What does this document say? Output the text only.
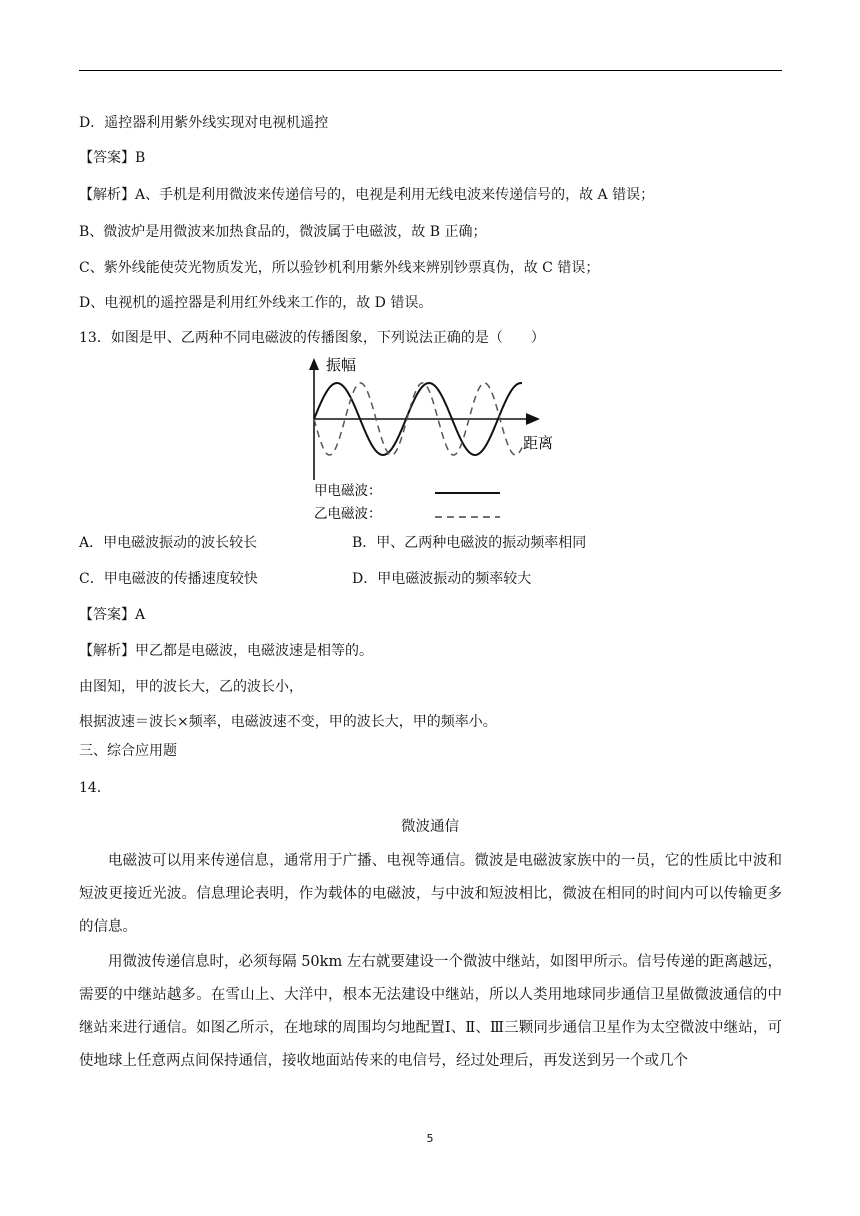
D．遥控器利用紫外线实现对电视机遥控
【答案】B
【解析】A、手机是利用微波来传递信号的，电视是利用无线电波来传递信号的，故 A 错误；
B、微波炉是用微波来加热食品的，微波属于电磁波，故 B 正确；
C、紫外线能使荧光物质发光，所以验钞机利用紫外线来辨别钞票真伪，故 C 错误；
D、电视机的遥控器是利用红外线来工作的，故 D 错误。
13．如图是甲、乙两种不同电磁波的传播图象，下列说法正确的是（　　）
振幅
距离
甲电磁波：
乙电磁波：
A．甲电磁波振动的波长较长	B．甲、乙两种电磁波的振动频率相同
C．甲电磁波的传播速度较快	D．甲电磁波振动的频率较大
【答案】A
【解析】甲乙都是电磁波，电磁波速是相等的。
由图知，甲的波长大，乙的波长小，
根据波速＝波长×频率，电磁波速不变，甲的波长大，甲的频率小。
三、综合应用题
14．
微波通信
电磁波可以用来传递信息，通常用于广播、电视等通信。微波是电磁波家族中的一员，它的性质比中波和短波更接近光波。信息理论表明，作为载体的电磁波，与中波和短波相比，微波在相同的时间内可以传输更多的信息。
用微波传递信息时，必须每隔 50km 左右就要建设一个微波中继站，如图甲所示。信号传递的距离越远，需要的中继站越多。在雪山上、大洋中，根本无法建设中继站，所以人类用地球同步通信卫星做微波通信的中继站来进行通信。如图乙所示，在地球的周围均匀地配置Ⅰ、Ⅱ、Ⅲ三颗同步通信卫星作为太空微波中继站，可使地球上任意两点间保持通信，接收地面站传来的电信号，经过处理后，再发送到另一个或几个
5
